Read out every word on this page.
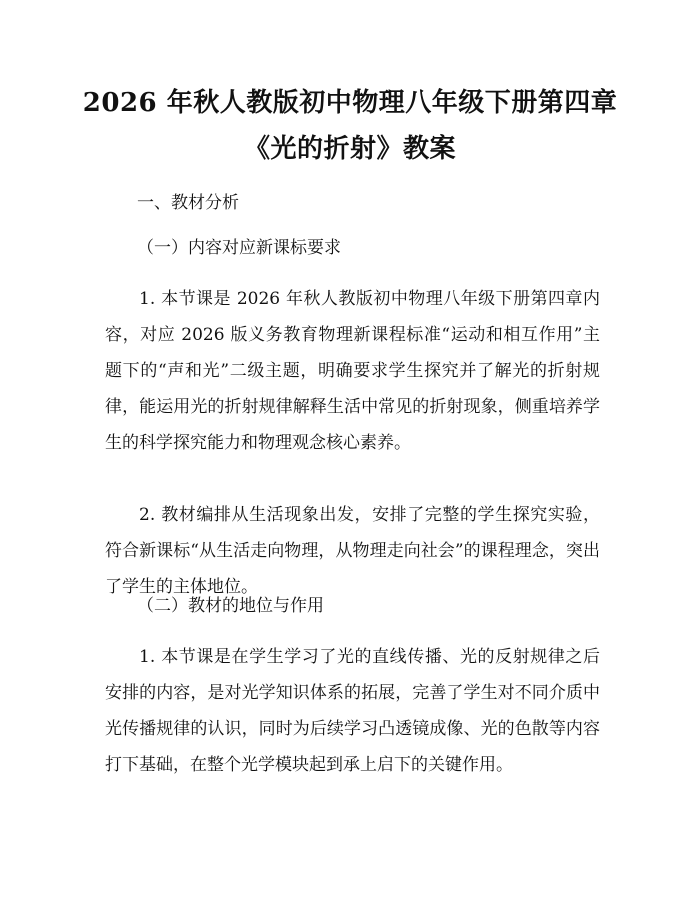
2026 年秋人教版初中物理八年级下册第四章
《光的折射》教案
一、教材分析
（一）内容对应新课标要求
1. 本节课是 2026 年秋人教版初中物理八年级下册第四章内容，对应 2026 版义务教育物理新课程标准“运动和相互作用”主题下的“声和光”二级主题，明确要求学生探究并了解光的折射规律，能运用光的折射规律解释生活中常见的折射现象，侧重培养学生的科学探究能力和物理观念核心素养。
2. 教材编排从生活现象出发，安排了完整的学生探究实验，符合新课标“从生活走向物理，从物理走向社会”的课程理念，突出了学生的主体地位。
（二）教材的地位与作用
1. 本节课是在学生学习了光的直线传播、光的反射规律之后安排的内容，是对光学知识体系的拓展，完善了学生对不同介质中光传播规律的认识，同时为后续学习凸透镜成像、光的色散等内容打下基础，在整个光学模块起到承上启下的关键作用。
